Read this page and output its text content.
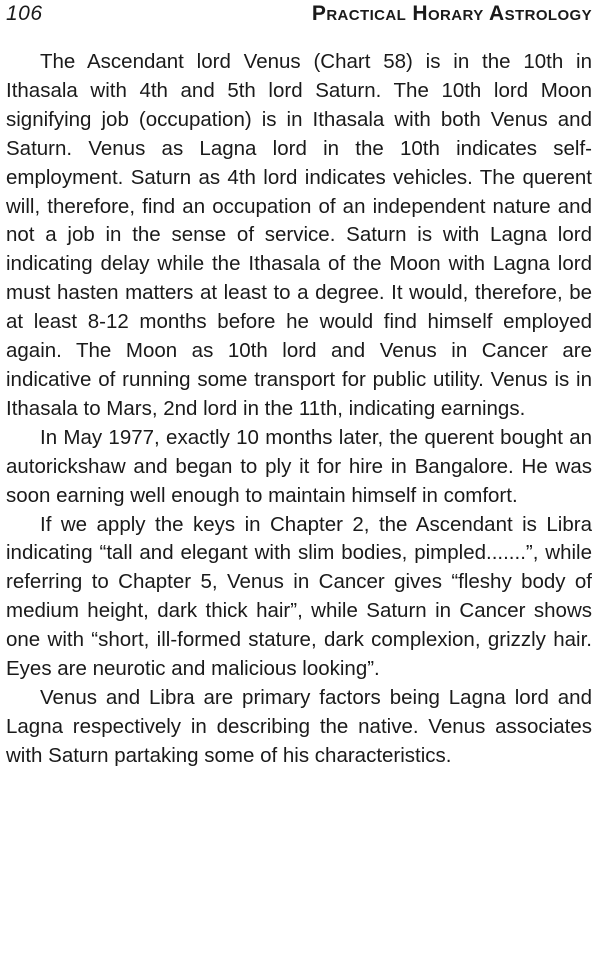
106	Practical Horary Astrology

The Ascendant lord Venus (Chart 58) is in the 10th in Ithasala with 4th and 5th lord Saturn. The 10th lord Moon signifying job (occupation) is in Ithasala with both Venus and Saturn. Venus as Lagna lord in the 10th indicates self-employment. Saturn as 4th lord indicates vehicles. The querent will, therefore, find an occupation of an independent nature and not a job in the sense of service. Saturn is with Lagna lord indicating delay while the Ithasala of the Moon with Lagna lord must hasten matters at least to a degree. It would, therefore, be at least 8-12 months before he would find himself employed again. The Moon as 10th lord and Venus in Cancer are indicative of running some transport for public utility. Venus is in Ithasala to Mars, 2nd lord in the 11th, indicating earnings.

In May 1977, exactly 10 months later, the querent bought an autorickshaw and began to ply it for hire in Bangalore. He was soon earning well enough to maintain himself in comfort.

If we apply the keys in Chapter 2, the Ascendant is Libra indicating “tall and elegant with slim bodies, pimpled.......”, while referring to Chapter 5, Venus in Cancer gives “fleshy body of medium height, dark thick hair”, while Saturn in Cancer shows one with “short, ill-formed stature, dark complexion, grizzly hair. Eyes are neurotic and malicious looking”.

Venus and Libra are primary factors being Lagna lord and Lagna respectively in describing the native. Venus associates with Saturn partaking some of his characteristics.
